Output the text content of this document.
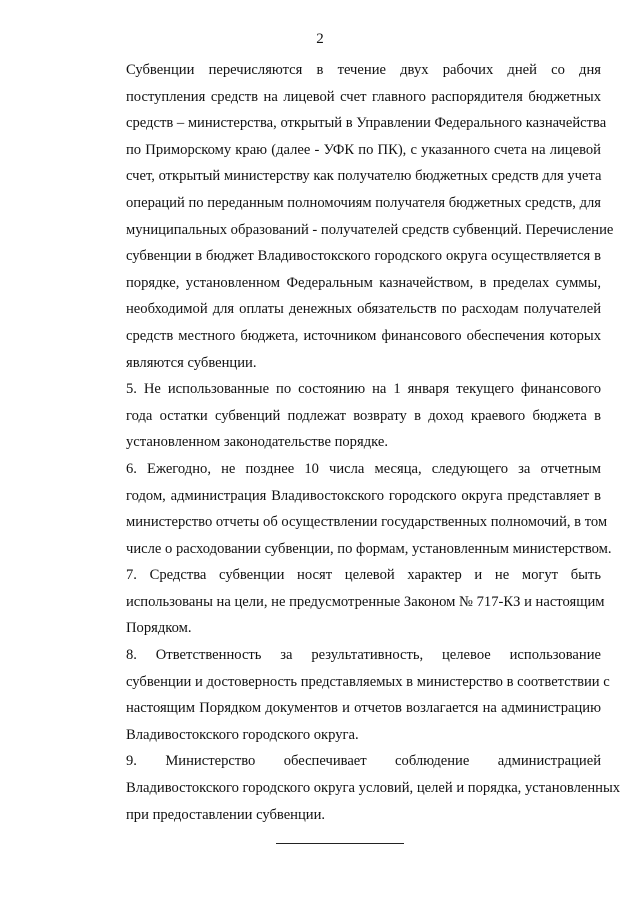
2

Субвенции перечисляются в течение двух рабочих дней со дня
поступления средств на лицевой счет главного распорядителя бюджетных
средств – министерства, открытый в Управлении Федерального казначейства
по Приморскому краю (далее - УФК по ПК), с указанного счета на лицевой
счет, открытый министерству как получателю бюджетных средств для учета
операций по переданным полномочиям получателя бюджетных средств, для
муниципальных образований - получателей средств субвенций. Перечисление
субвенции в бюджет Владивостокского городского округа осуществляется в
порядке, установленном Федеральным казначейством, в пределах суммы,
необходимой для оплаты денежных обязательств по расходам получателей
средств местного бюджета, источником финансового обеспечения которых
являются субвенции.

5. Не использованные по состоянию на 1 января текущего финансового
года остатки субвенций подлежат возврату в доход краевого бюджета в
установленном законодательстве порядке.

6. Ежегодно, не позднее 10 числа месяца, следующего за отчетным
годом, администрация Владивостокского городского округа представляет в
министерство отчеты об осуществлении государственных полномочий, в том
числе о расходовании субвенции, по формам, установленным министерством.

7. Средства субвенции носят целевой характер и не могут быть
использованы на цели, не предусмотренные Законом № 717-КЗ и настоящим
Порядком.

8. Ответственность за результативность, целевое использование
субвенции и достоверность представляемых в министерство в соответствии с
настоящим Порядком документов и отчетов возлагается на администрацию
Владивостокского городского округа.

9. Министерство обеспечивает соблюдение администрацией
Владивостокского городского округа условий, целей и порядка, установленных
при предоставлении субвенции.
